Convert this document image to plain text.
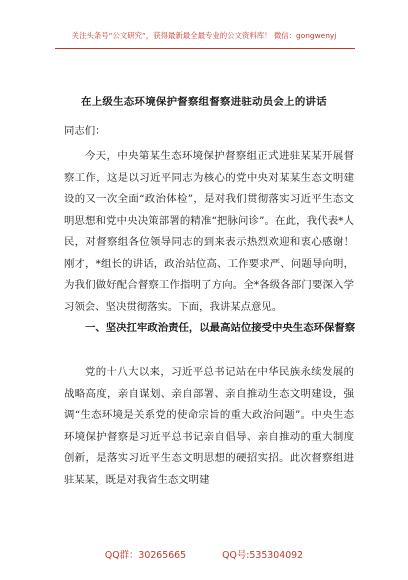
关注头条号“公文研究”，获得最新最全最专业的公文资料库！ 微信：gongwenyj
在上级生态环境保护督察组督察进驻动员会上的讲话
同志们：

今天，中央第某生态环境保护督察组正式进驻某某开展督察工作，这是以习近平同志为核心的党中央对某某生态文明建设的又一次全面“政治体检”，是对我们贯彻落实习近平生态文明思想和党中央决策部署的精准“把脉问诊”。在此，我代表*人民，对督察组各位领导同志的到来表示热烈欢迎和衷心感谢！刚才，*组长的讲话，政治站位高、工作要求严、问题导向明，为我们做好配合督察工作指明了方向。全*各级各部门要深入学习领会、坚决贯彻落实。下面，我讲某点意见。

一、坚决扛牢政治责任，以最高站位接受中央生态环保督察

党的十八大以来，习近平总书记站在中华民族永续发展的战略高度，亲自谋划、亲自部署、亲自推动生态文明建设，强调“生态环境是关系党的使命宗旨的重大政治问题”。中央生态环境保护督察是习近平总书记亲自倡导、亲自推动的重大制度创新，是落实习近平生态文明思想的硬招实招。此次督察组进驻某某，既是对我省生态文明建

QQ群：30265665	QQ号:535304092
